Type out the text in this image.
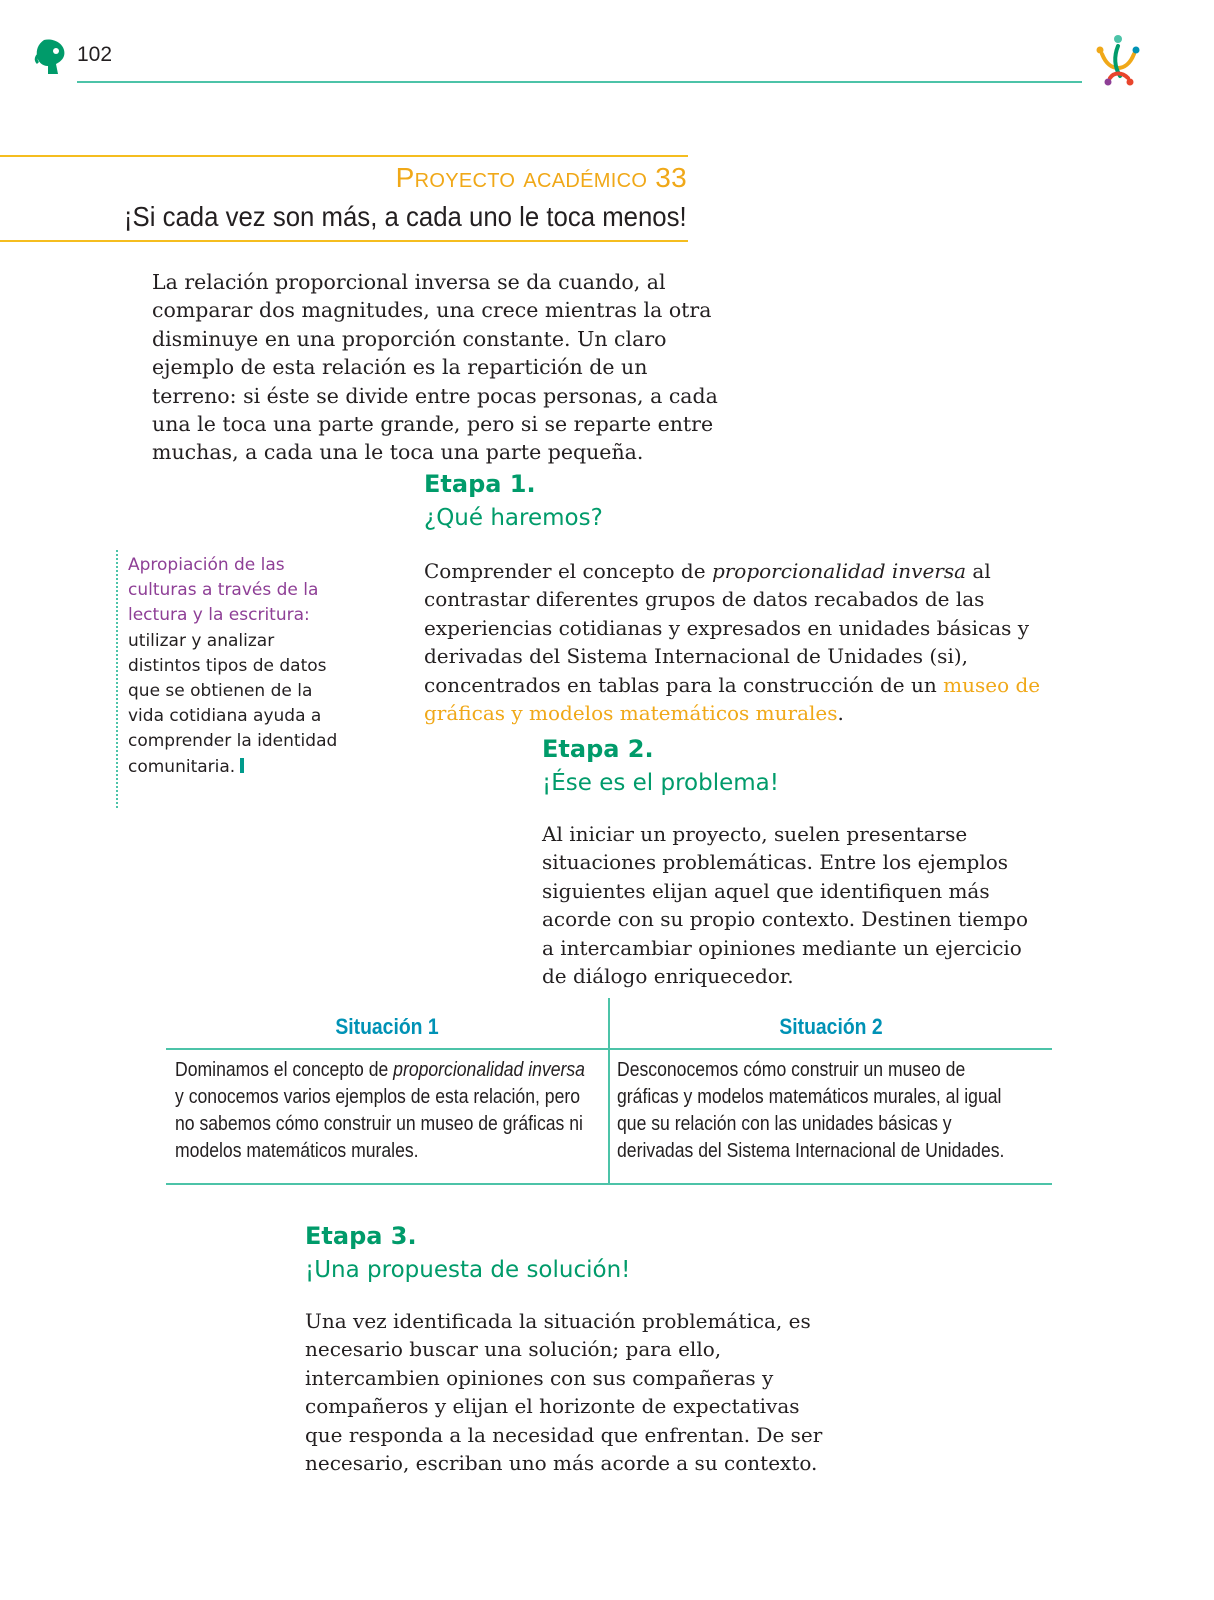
102
Proyecto académico 33
¡Si cada vez son más, a cada uno le toca menos!

La relación proporcional inversa se da cuando, al comparar dos magnitudes, una crece mientras la otra disminuye en una proporción constante. Un claro ejemplo de esta relación es la repartición de un terreno: si éste se divide entre pocas personas, a cada una le toca una parte grande, pero si se reparte entre muchas, a cada una le toca una parte pequeña.

Etapa 1.
¿Qué haremos?

Comprender el concepto de proporcionalidad inversa al contrastar diferentes grupos de datos recabados de las experiencias cotidianas y expresados en unidades básicas y derivadas del Sistema Internacional de Unidades (si), concentrados en tablas para la construcción de un museo de gráficas y modelos matemáticos murales.

Apropiación de las culturas a través de la lectura y la escritura: utilizar y analizar distintos tipos de datos que se obtienen de la vida cotidiana ayuda a comprender la identidad comunitaria.
Etapa 2.
¡Ése es el problema!

Al iniciar un proyecto, suelen presentarse situaciones problemáticas. Entre los ejemplos siguientes elijan aquel que identifiquen más acorde con su propio contexto. Destinen tiempo a intercambiar opiniones mediante un ejercicio de diálogo enriquecedor.

Situación 1	Situación 2
Dominamos el concepto de proporcionalidad inversa y conocemos varios ejemplos de esta relación, pero no sabemos cómo construir un museo de gráficas ni modelos matemáticos murales.
Desconocemos cómo construir un museo de gráficas y modelos matemáticos murales, al igual que su relación con las unidades básicas y derivadas del Sistema Internacional de Unidades.
Etapa 3.
¡Una propuesta de solución!

Una vez identificada la situación problemática, es necesario buscar una solución; para ello, intercambien opiniones con sus compañeras y compañeros y elijan el horizonte de expectativas que responda a la necesidad que enfrentan. De ser necesario, escriban uno más acorde a su contexto.
